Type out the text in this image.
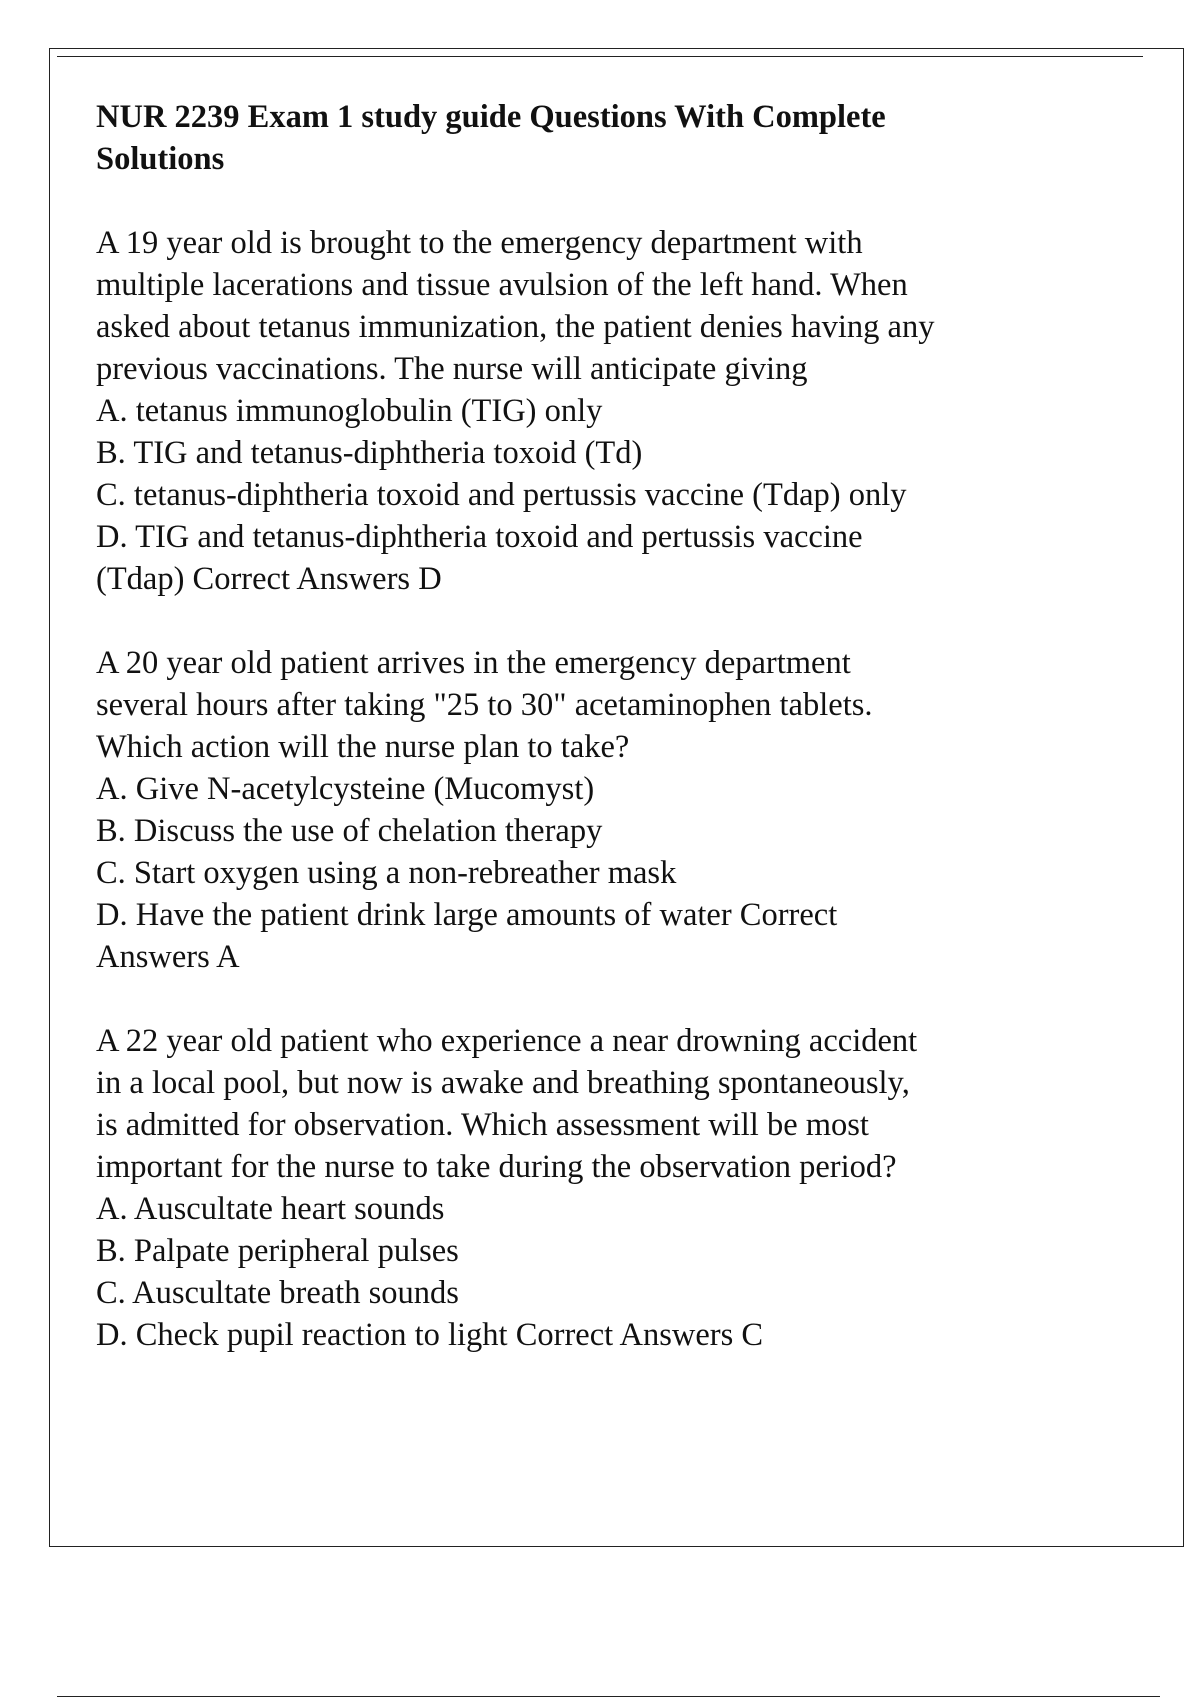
NUR 2239 Exam 1 study guide Questions With Complete
Solutions
A 19 year old is brought to the emergency department with
multiple lacerations and tissue avulsion of the left hand. When
asked about tetanus immunization, the patient denies having any
previous vaccinations. The nurse will anticipate giving
A. tetanus immunoglobulin (TIG) only
B. TIG and tetanus-diphtheria toxoid (Td)
C. tetanus-diphtheria toxoid and pertussis vaccine (Tdap) only
D. TIG and tetanus-diphtheria toxoid and pertussis vaccine
(Tdap) Correct Answers D
A 20 year old patient arrives in the emergency department
several hours after taking "25 to 30" acetaminophen tablets.
Which action will the nurse plan to take?
A. Give N-acetylcysteine (Mucomyst)
B. Discuss the use of chelation therapy
C. Start oxygen using a non-rebreather mask
D. Have the patient drink large amounts of water Correct
Answers A
A 22 year old patient who experience a near drowning accident
in a local pool, but now is awake and breathing spontaneously,
is admitted for observation. Which assessment will be most
important for the nurse to take during the observation period?
A. Auscultate heart sounds
B. Palpate peripheral pulses
C. Auscultate breath sounds
D. Check pupil reaction to light Correct Answers C
